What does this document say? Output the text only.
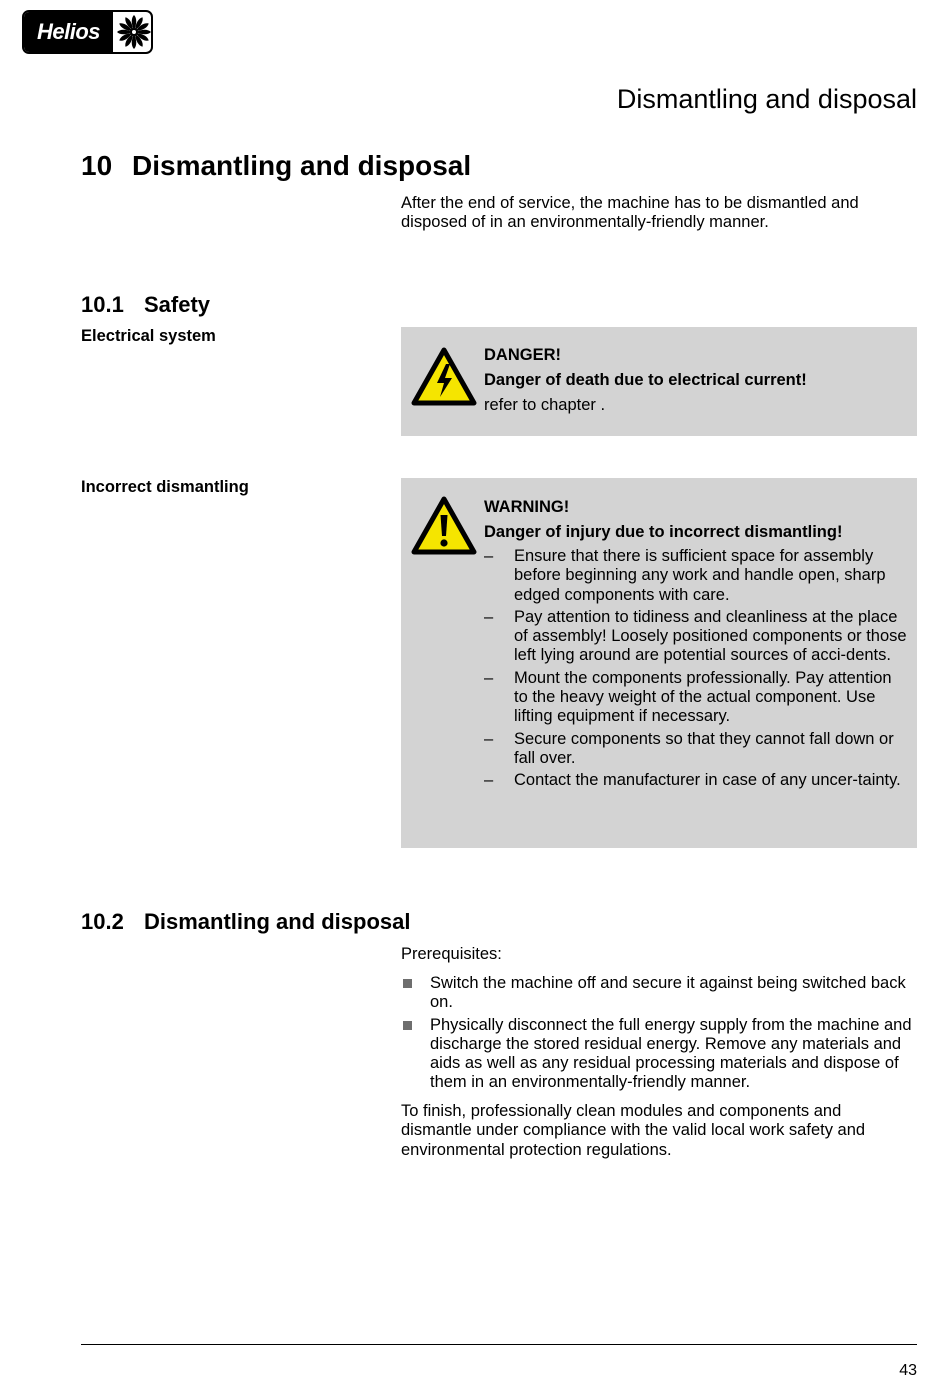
Helios
Dismantling and disposal
10 Dismantling and disposal
After the end of service, the machine has to be dismantled and disposed of in an environmentally-friendly manner.
10.1 Safety
Electrical system
DANGER!
Danger of death due to electrical current!
refer to chapter .
Incorrect dismantling
WARNING!
Danger of injury due to incorrect dismantling!
– Ensure that there is sufficient space for assembly before beginning any work and handle open, sharp edged components with care.
– Pay attention to tidiness and cleanliness at the place of assembly! Loosely positioned components or those left lying around are potential sources of acci-dents.
– Mount the components professionally. Pay attention to the heavy weight of the actual component. Use lifting equipment if necessary.
– Secure components so that they cannot fall down or fall over.
– Contact the manufacturer in case of any uncer-tainty.
10.2 Dismantling and disposal
Prerequisites:
Switch the machine off and secure it against being switched back on.
Physically disconnect the full energy supply from the machine and discharge the stored residual energy. Remove any materials and aids as well as any residual processing materials and dispose of them in an environmentally-friendly manner.
To finish, professionally clean modules and components and dismantle under compliance with the valid local work safety and environmental protection regulations.
43
